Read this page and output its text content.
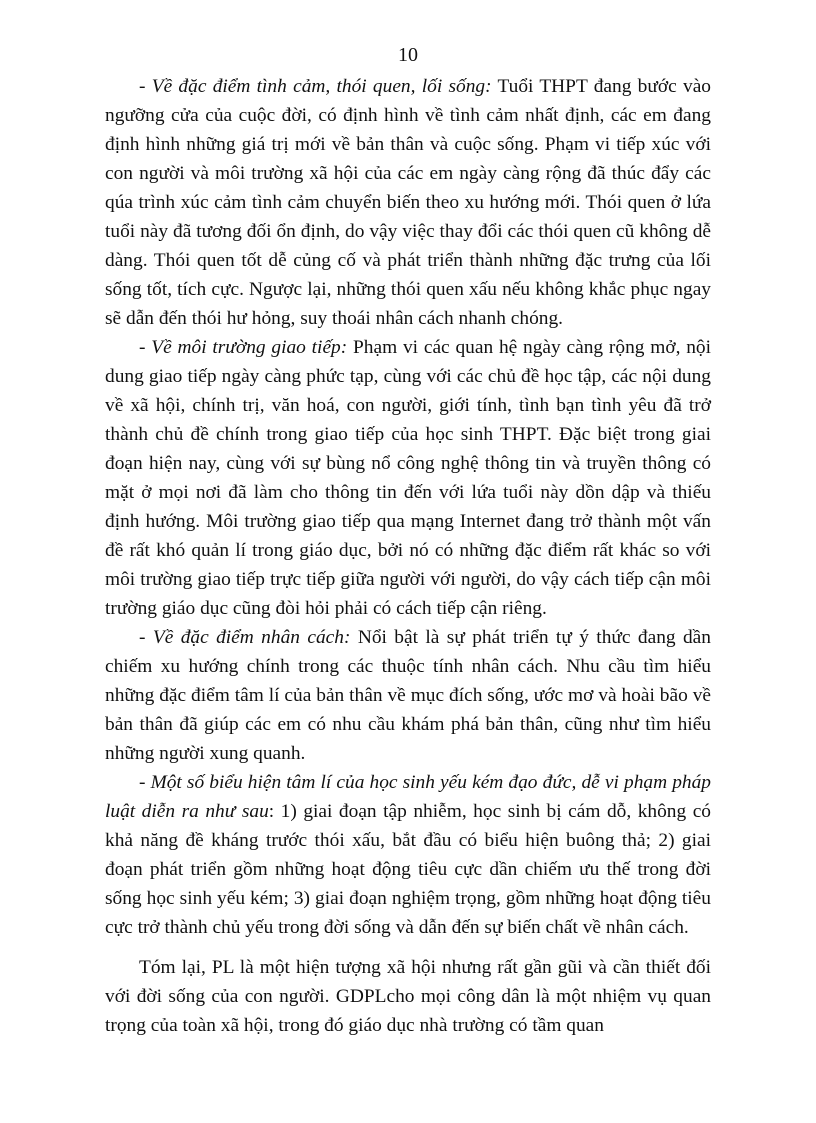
10

- Về đặc điểm tình cảm, thói quen, lối sống: Tuổi THPT đang bước vào ngưỡng cửa của cuộc đời, có định hình về tình cảm nhất định, các em đang định hình những giá trị mới về bản thân và cuộc sống. Phạm vi tiếp xúc với con người và môi trường xã hội của các em ngày càng rộng đã thúc đẩy các qúa trình xúc cảm tình cảm chuyển biến theo xu hướng mới. Thói quen ở lứa tuổi này đã tương đối ổn định, do vậy việc thay đổi các thói quen cũ không dễ dàng. Thói quen tốt dễ củng cố và phát triển thành những đặc trưng của lối sống tốt, tích cực. Ngược lại, những thói quen xấu nếu không khắc phục ngay sẽ dẫn đến thói hư hỏng, suy thoái nhân cách nhanh chóng.

- Về môi trường giao tiếp: Phạm vi các quan hệ ngày càng rộng mở, nội dung giao tiếp ngày càng phức tạp, cùng với các chủ đề học tập, các nội dung về xã hội, chính trị, văn hoá, con người, giới tính, tình bạn tình yêu đã trở thành chủ đề chính trong giao tiếp của học sinh THPT. Đặc biệt trong giai đoạn hiện nay, cùng với sự bùng nổ công nghệ thông tin và truyền thông có mặt ở mọi nơi đã làm cho thông tin đến với lứa tuổi này dồn dập và thiếu định hướng. Môi trường giao tiếp qua mạng Internet đang trở thành một vấn đề rất khó quản lí trong giáo dục, bởi nó có những đặc điểm rất khác so với môi trường giao tiếp trực tiếp giữa người với người, do vậy cách tiếp cận môi trường giáo dục cũng đòi hỏi phải có cách tiếp cận riêng.

- Về đặc điểm nhân cách: Nổi bật là sự phát triển tự ý thức đang dần chiếm xu hướng chính trong các thuộc tính nhân cách. Nhu cầu tìm hiểu những đặc điểm tâm lí của bản thân về mục đích sống, ước mơ và hoài bão về bản thân đã giúp các em có nhu cầu khám phá bản thân, cũng như tìm hiểu những người xung quanh.

- Một số biểu hiện tâm lí của học sinh yếu kém đạo đức, dễ vi phạm pháp luật diễn ra như sau: 1) giai đoạn tập nhiễm, học sinh bị cám dỗ, không có khả năng đề kháng trước thói xấu, bắt đầu có biểu hiện buông thả; 2) giai đoạn phát triển gồm những hoạt động tiêu cực dần chiếm ưu thế trong đời sống học sinh yếu kém; 3) giai đoạn nghiệm trọng, gồm những hoạt động tiêu cực trở thành chủ yếu trong đời sống và dẫn đến sự biến chất về nhân cách.

Tóm lại, PL là một hiện tượng xã hội nhưng rất gần gũi và cần thiết đối với đời sống của con người. GDPLcho mọi công dân là một nhiệm vụ quan trọng của toàn xã hội, trong đó giáo dục nhà trường có tầm quan
